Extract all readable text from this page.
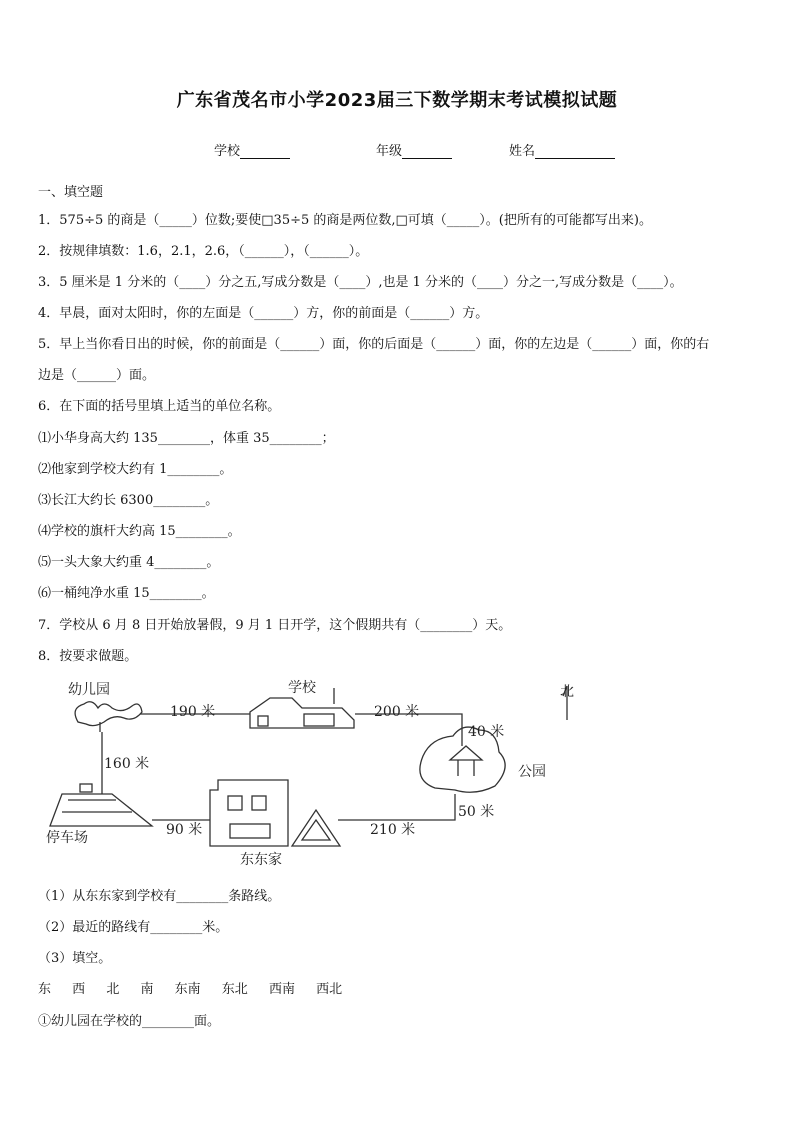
广东省茂名市小学2023届三下数学期末考试模拟试题
学校	年级	姓名
一、填空题
1．575÷5 的商是（_____）位数;要使□35÷5 的商是两位数,□可填（_____）。(把所有的可能都写出来)。
2．按规律填数：1.6，2.1，2.6，（______），（______）。
3．5 厘米是 1 分米的（____）分之五,写成分数是（____）,也是 1 分米的（____）分之一,写成分数是（____）。
4．早晨，面对太阳时，你的左面是（______）方，你的前面是（______）方。
5．早上当你看日出的时候，你的前面是（______）面，你的后面是（______）面，你的左边是（______）面，你的右
边是（______）面。
6．在下面的括号里填上适当的单位名称。
⑴小华身高大约 135________，体重 35________；
⑵他家到学校大约有 1________。
⑶长江大约长 6300________。
⑷学校的旗杆大约高 15________。
⑸一头大象大约重 4________。
⑹一桶纯净水重 15________。
7．学校从 6 月 8 日开始放暑假，9 月 1 日开学，这个假期共有（________）天。
8．按要求做题。
幼儿园	学校
公园
停车场
东东家
北
190 米	200 米
40 米
160 米
50 米
90 米	210 米
（1）从东东家到学校有________条路线。
（2）最近的路线有________米。
（3）填空。
东 西 北 南 东南 东北 西南 西北
①幼儿园在学校的________面。
